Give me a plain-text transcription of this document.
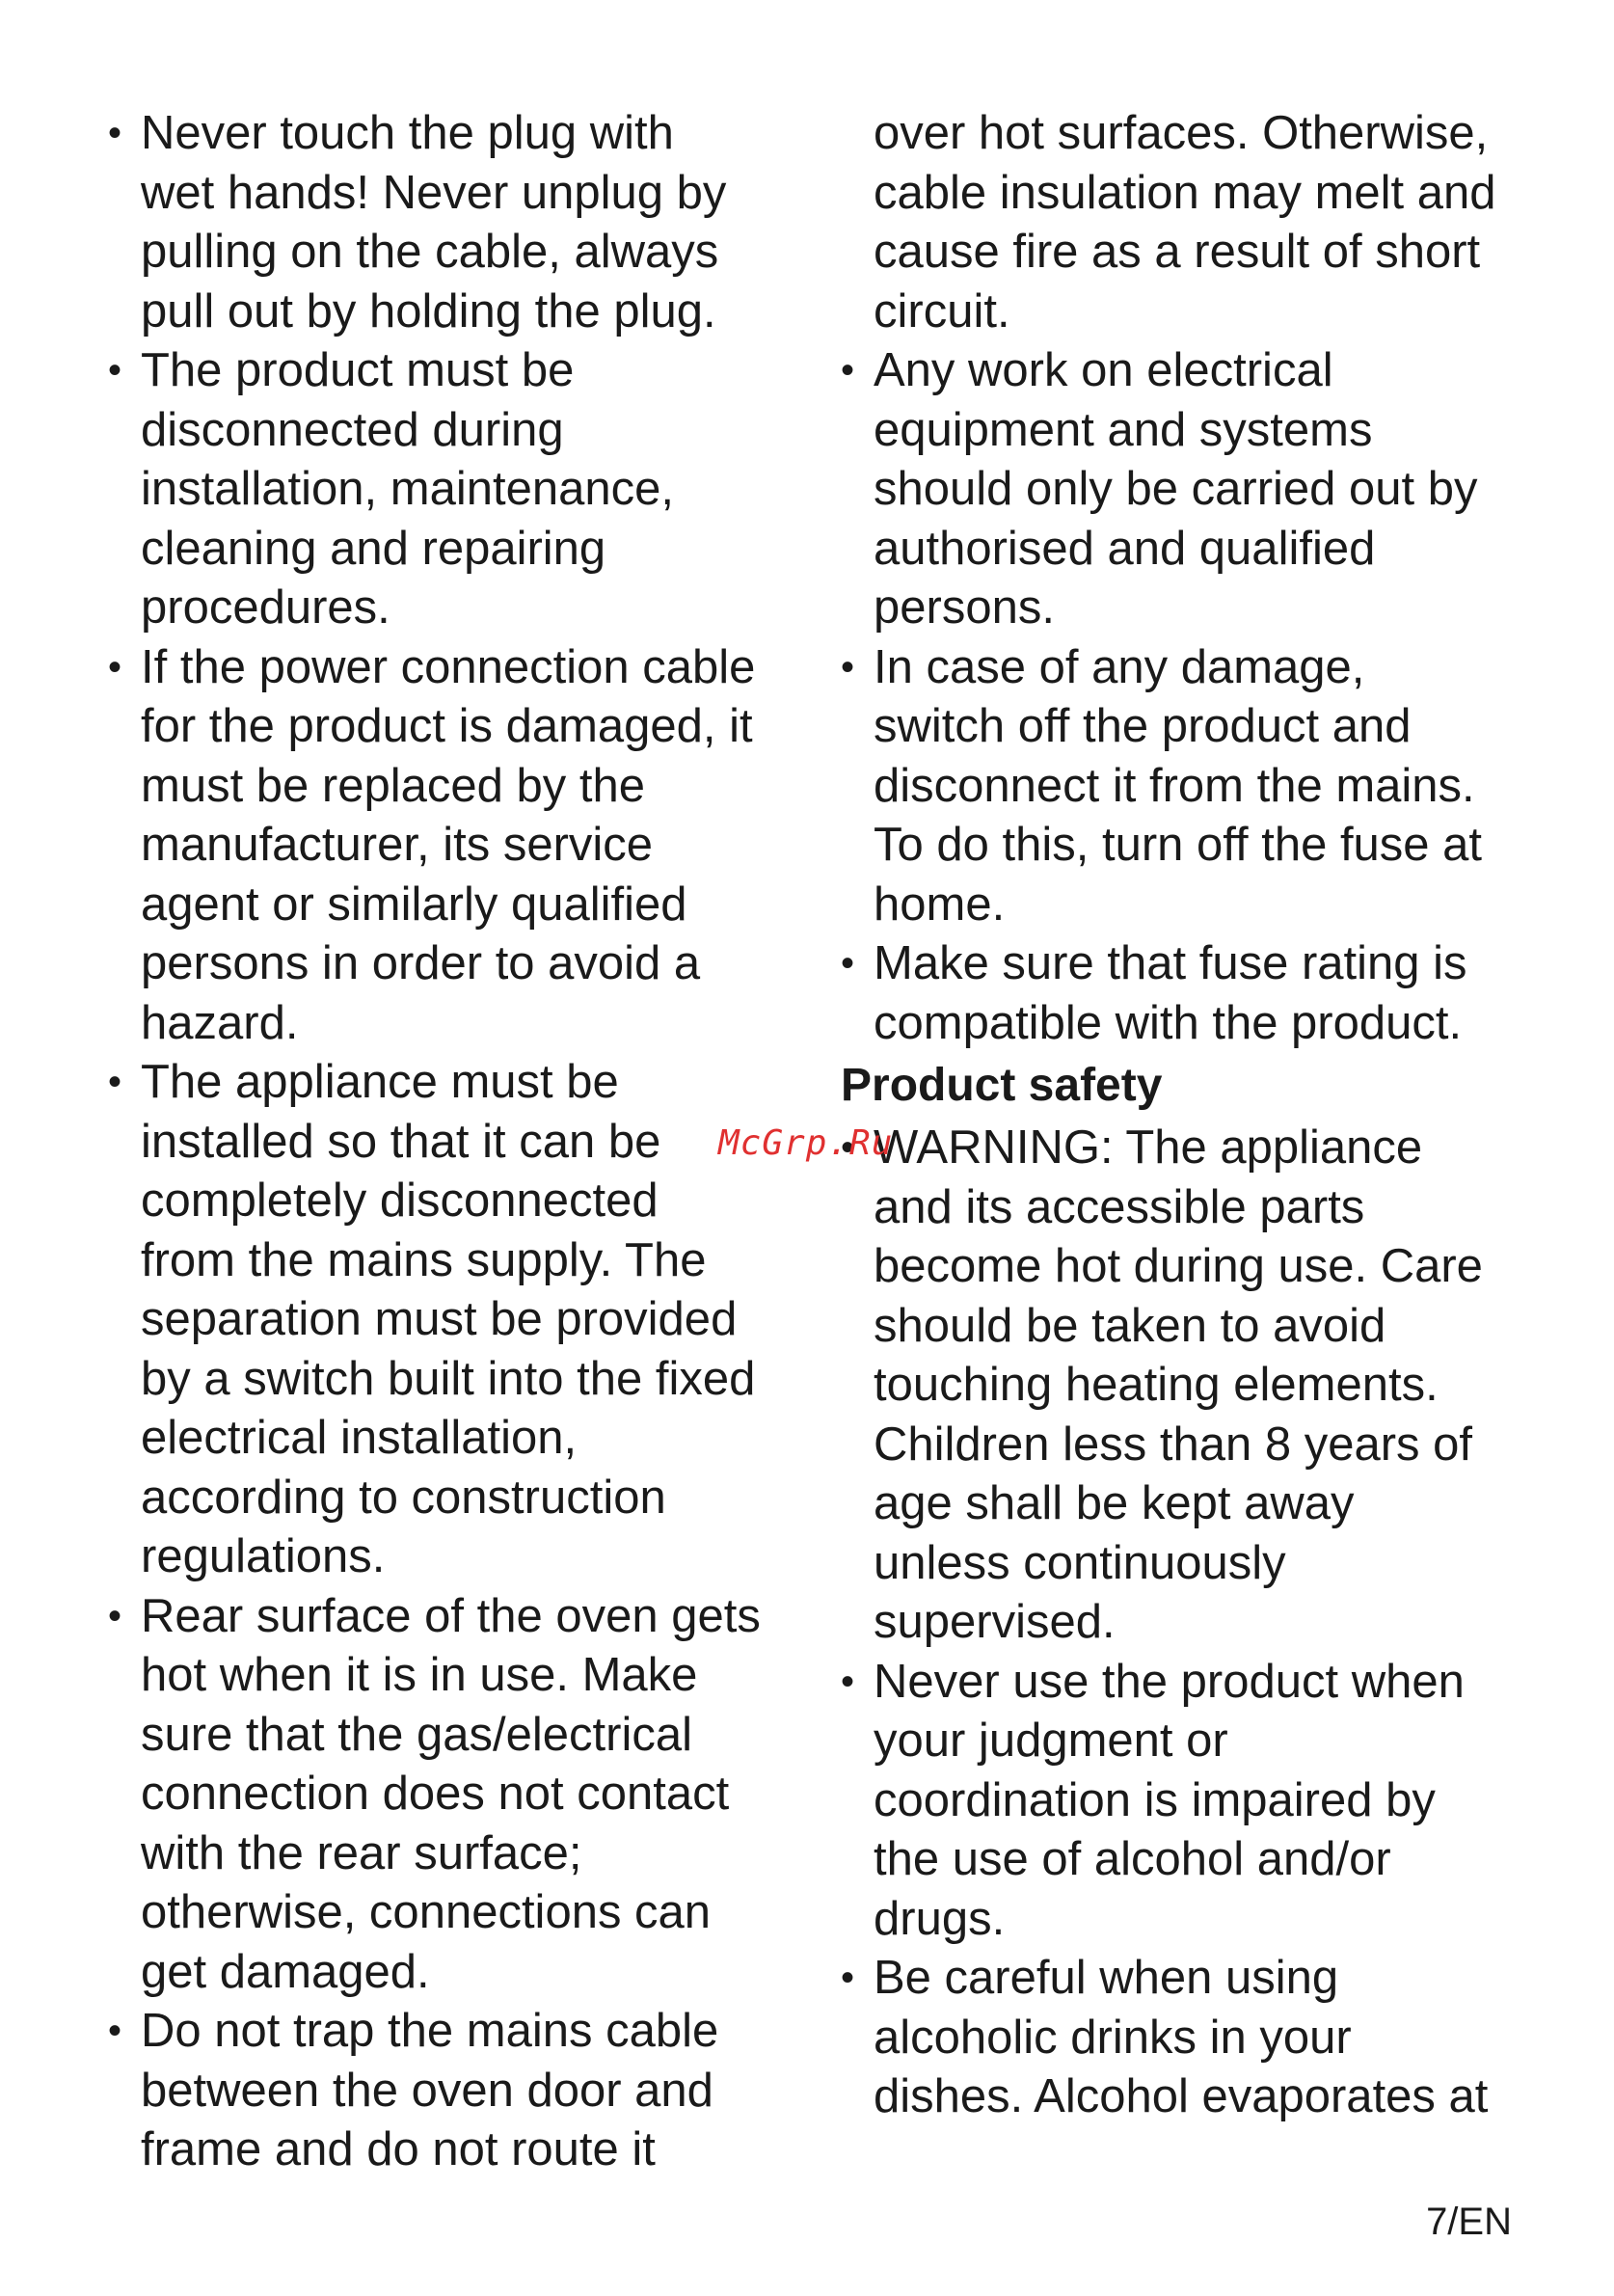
• Never touch the plug with
wet hands! Never unplug by
pulling on the cable, always
pull out by holding the plug.
• The product must be
disconnected during
installation, maintenance,
cleaning and repairing
procedures.
• If the power connection cable
for the product is damaged, it
must be replaced by the
manufacturer, its service
agent or similarly qualified
persons in order to avoid a
hazard.
• The appliance must be
installed so that it can be
completely disconnected
from the mains supply. The
separation must be provided
by a switch built into the fixed
electrical installation,
according to construction
regulations.
• Rear surface of the oven gets
hot when it is in use. Make
sure that the gas/electrical
connection does not contact
with the rear surface;
otherwise, connections can
get damaged.
• Do not trap the mains cable
between the oven door and
frame and do not route it
over hot surfaces. Otherwise,
cable insulation may melt and
cause fire as a result of short
circuit.
• Any work on electrical
equipment and systems
should only be carried out by
authorised and qualified
persons.
• In case of any damage,
switch off the product and
disconnect it from the mains.
To do this, turn off the fuse at
home.
• Make sure that fuse rating is
compatible with the product.
Product safety
• WARNING: The appliance
and its accessible parts
become hot during use. Care
should be taken to avoid
touching heating elements.
Children less than 8 years of
age shall be kept away
unless continuously
supervised.
• Never use the product when
your judgment or
coordination is impaired by
the use of alcohol and/or
drugs.
• Be careful when using
alcoholic drinks in your
dishes. Alcohol evaporates at
McGrp.Ru
7/EN
